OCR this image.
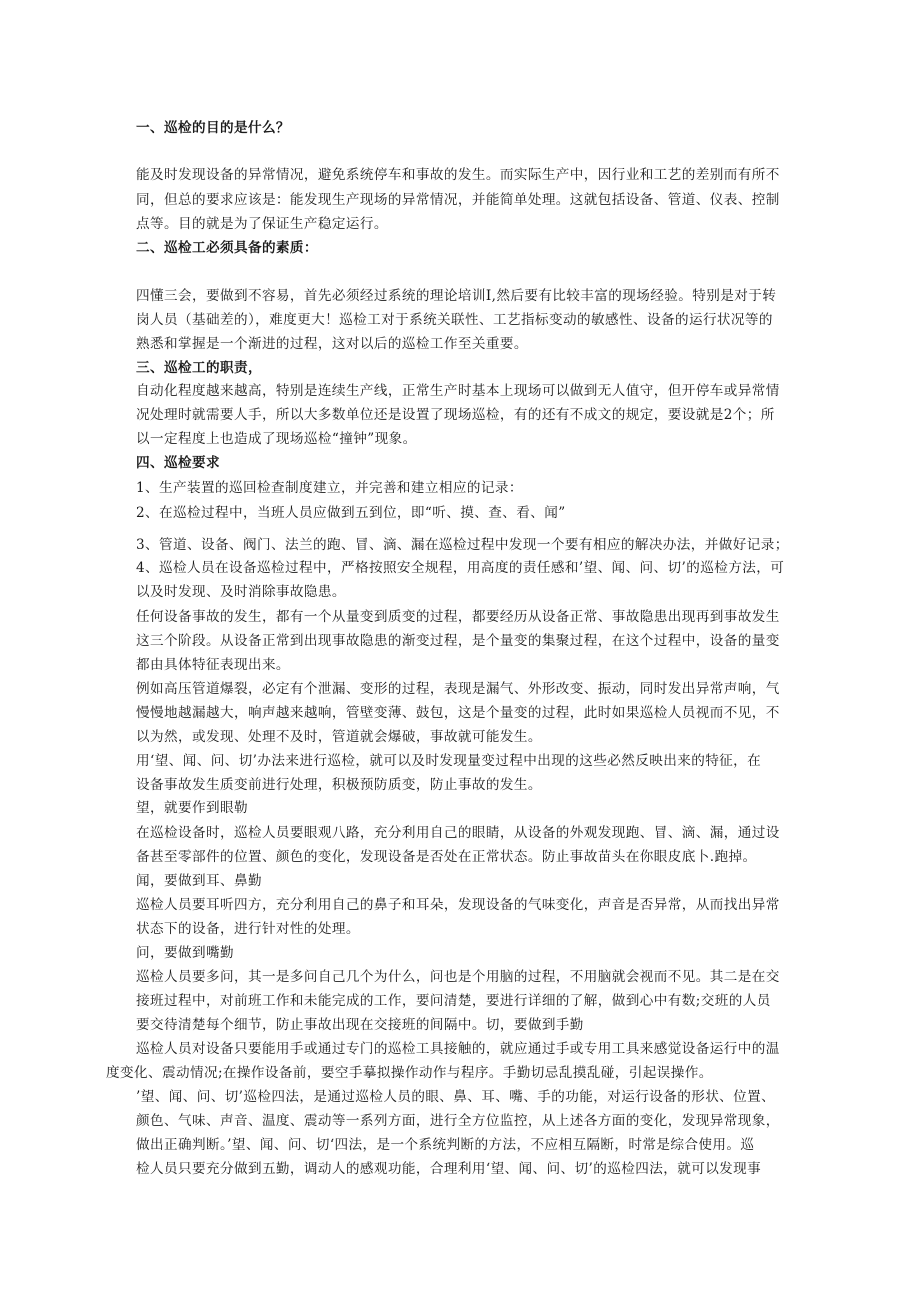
一、巡检的目的是什么？
能及时发现设备的异常情况，避免系统停车和事故的发生。而实际生产中，因行业和工艺的差别而有所不
同，但总的要求应该是：能发现生产现场的异常情况，并能简单处理。这就包括设备、管道、仪表、控制
点等。目的就是为了保证生产稳定运行。
二、巡检工必须具备的素质：
四懂三会，要做到不容易，首先必须经过系统的理论培训I,然后要有比较丰富的现场经验。特别是对于转
岗人员（基础差的），难度更大！巡检工对于系统关联性、工艺指标变动的敏感性、设备的运行状况等的
熟悉和掌握是一个渐进的过程，这对以后的巡检工作至关重要。
三、巡检工的职责，
自动化程度越来越高，特别是连续生产线，正常生产时基本上现场可以做到无人值守，但开停车或异常情
况处理时就需要人手，所以大多数单位还是设置了现场巡检，有的还有不成文的规定，要设就是2个；所
以一定程度上也造成了现场巡检“撞钟”现象。
四、巡检要求
1、生产装置的巡回检查制度建立，并完善和建立相应的记录：
2、在巡检过程中，当班人员应做到五到位，即“听、摸、查、看、闻”
3、管道、设备、阀门、法兰的跑、冒、滴、漏在巡检过程中发现一个要有相应的解决办法，并做好记录；
4、巡检人员在设备巡检过程中，严格按照安全规程，用高度的责任感和’望、闻、问、切’的巡检方法，可
以及时发现、及时消除事故隐患。
任何设备事故的发生，都有一个从量变到质变的过程，都要经历从设备正常、事故隐患出现再到事故发生
这三个阶段。从设备正常到出现事故隐患的渐变过程，是个量变的集聚过程，在这个过程中，设备的量变
都由具体特征表现出来。
例如高压管道爆裂，必定有个泄漏、变形的过程，表现是漏气、外形改变、振动，同时发出异常声响，气
慢慢地越漏越大，响声越来越响，管壁变薄、鼓包，这是个量变的过程，此时如果巡检人员视而不见，不
以为然，或发现、处理不及时，管道就会爆破，事故就可能发生。
用‘望、闻、问、切’办法来进行巡检，就可以及时发现量变过程中出现的这些必然反映出来的特征，在
设备事故发生质变前进行处理，积极预防质变，防止事故的发生。
望，就要作到眼勒
在巡检设备时，巡检人员要眼观八路，充分利用自己的眼睛，从设备的外观发现跑、冒、滴、漏，通过设
备甚至零部件的位置、颜色的变化，发现设备是否处在正常状态。防止事故苗头在你眼皮底卜.跑掉。
闻，要做到耳、鼻勤
巡检人员要耳听四方，充分利用自己的鼻子和耳朵，发现设备的气味变化，声音是否异常，从而找出异常
状态下的设备，进行针对性的处理。
问，要做到嘴勤
巡检人员要多问，其一是多问自己几个为什么，问也是个用脑的过程，不用脑就会视而不见。其二是在交
接班过程中，对前班工作和未能完成的工作，要问清楚，要进行详细的了解，做到心中有数;交班的人员
要交待清楚每个细节，防止事故出现在交接班的间隔中。切，要做到手勤
巡检人员对设备只要能用手或通过专门的巡检工具接触的，就应通过手或专用工具来感觉设备运行中的温
度变化、震动情况;在操作设备前，要空手摹拟操作动作与程序。手勤切忌乱摸乱碰，引起误操作。
’望、闻、问、切’巡检四法，是通过巡检人员的眼、鼻、耳、嘴、手的功能，对运行设备的形状、位置、
颜色、气味、声音、温度、震动等一系列方面，进行全方位监控，从上述各方面的变化，发现异常现象，
做出正确判断。’望、闻、问、切‘四法，是一个系统判断的方法，不应相互隔断，时常是综合使用。巡
检人员只要充分做到五勤，调动人的感观功能，合理利用‘望、闻、问、切’的巡检四法，就可以发现事
